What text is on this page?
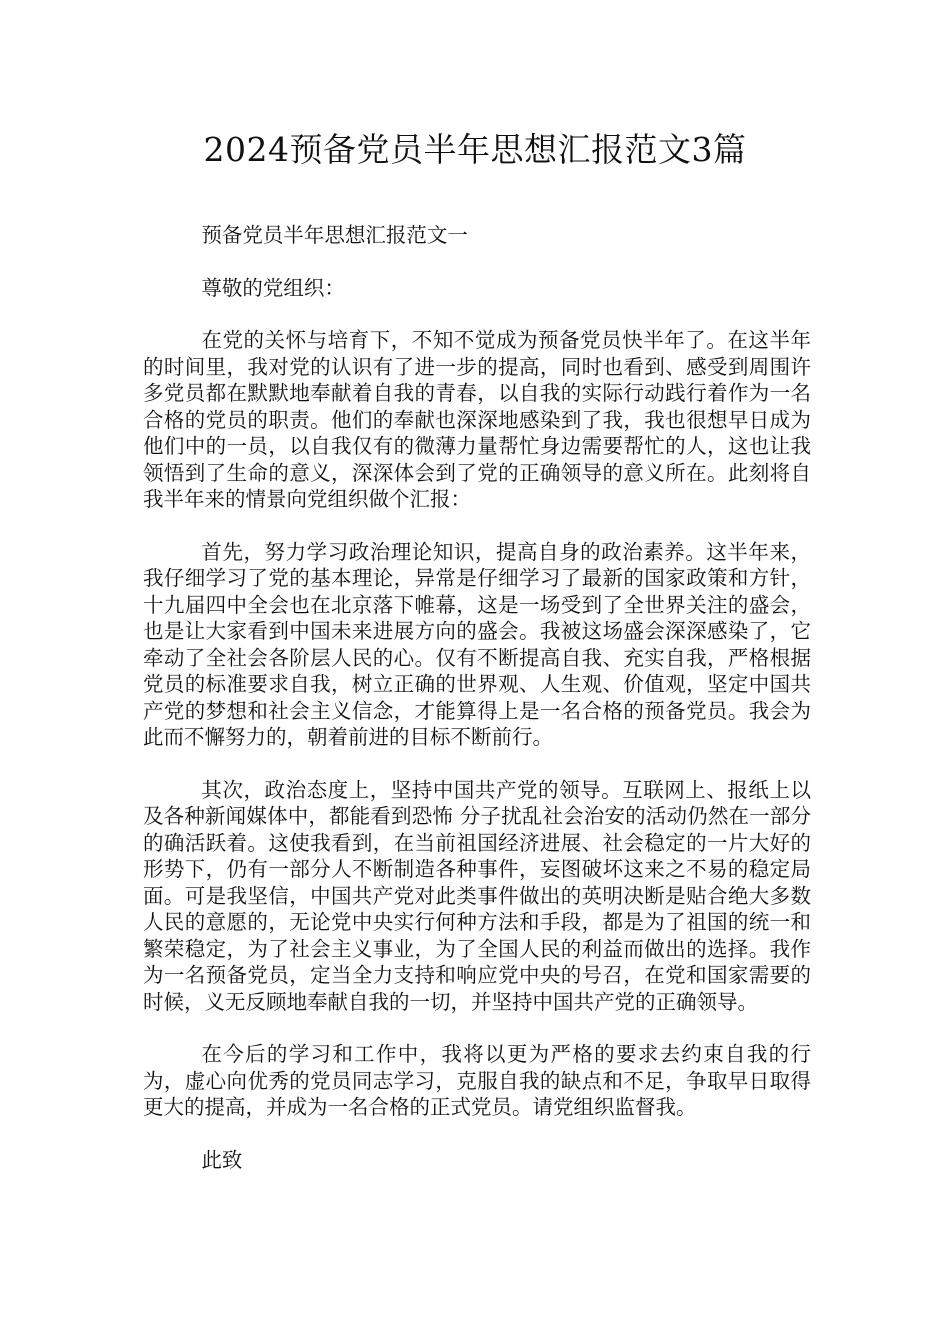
2024预备党员半年思想汇报范文3篇

预备党员半年思想汇报范文一

尊敬的党组织：

在党的关怀与培育下，不知不觉成为预备党员快半年了。在这半年的时间里，我对党的认识有了进一步的提高，同时也看到、感受到周围许多党员都在默默地奉献着自我的青春，以自我的实际行动践行着作为一名合格的党员的职责。他们的奉献也深深地感染到了我，我也很想早日成为他们中的一员，以自我仅有的微薄力量帮忙身边需要帮忙的人，这也让我领悟到了生命的意义，深深体会到了党的正确领导的意义所在。此刻将自我半年来的情景向党组织做个汇报：

首先，努力学习政治理论知识，提高自身的政治素养。这半年来，我仔细学习了党的基本理论，异常是仔细学习了最新的国家政策和方针，十九届四中全会也在北京落下帷幕，这是一场受到了全世界关注的盛会，也是让大家看到中国未来进展方向的盛会。我被这场盛会深深感染了，它牵动了全社会各阶层人民的心。仅有不断提高自我、充实自我，严格根据党员的标准要求自我，树立正确的世界观、人生观、价值观，坚定中国共产党的梦想和社会主义信念，才能算得上是一名合格的预备党员。我会为此而不懈努力的，朝着前进的目标不断前行。

其次，政治态度上，坚持中国共产党的领导。互联网上、报纸上以及各种新闻媒体中，都能看到恐怖 分子扰乱社会治安的活动仍然在一部分的确活跃着。这使我看到，在当前祖国经济进展、社会稳定的一片大好的形势下，仍有一部分人不断制造各种事件，妄图破坏这来之不易的稳定局面。可是我坚信，中国共产党对此类事件做出的英明决断是贴合绝大多数人民的意愿的，无论党中央实行何种方法和手段，都是为了祖国的统一和繁荣稳定，为了社会主义事业，为了全国人民的利益而做出的选择。我作为一名预备党员，定当全力支持和响应党中央的号召，在党和国家需要的时候，义无反顾地奉献自我的一切，并坚持中国共产党的正确领导。

在今后的学习和工作中，我将以更为严格的要求去约束自我的行为，虚心向优秀的党员同志学习，克服自我的缺点和不足，争取早日取得更大的提高，并成为一名合格的正式党员。请党组织监督我。

此致
